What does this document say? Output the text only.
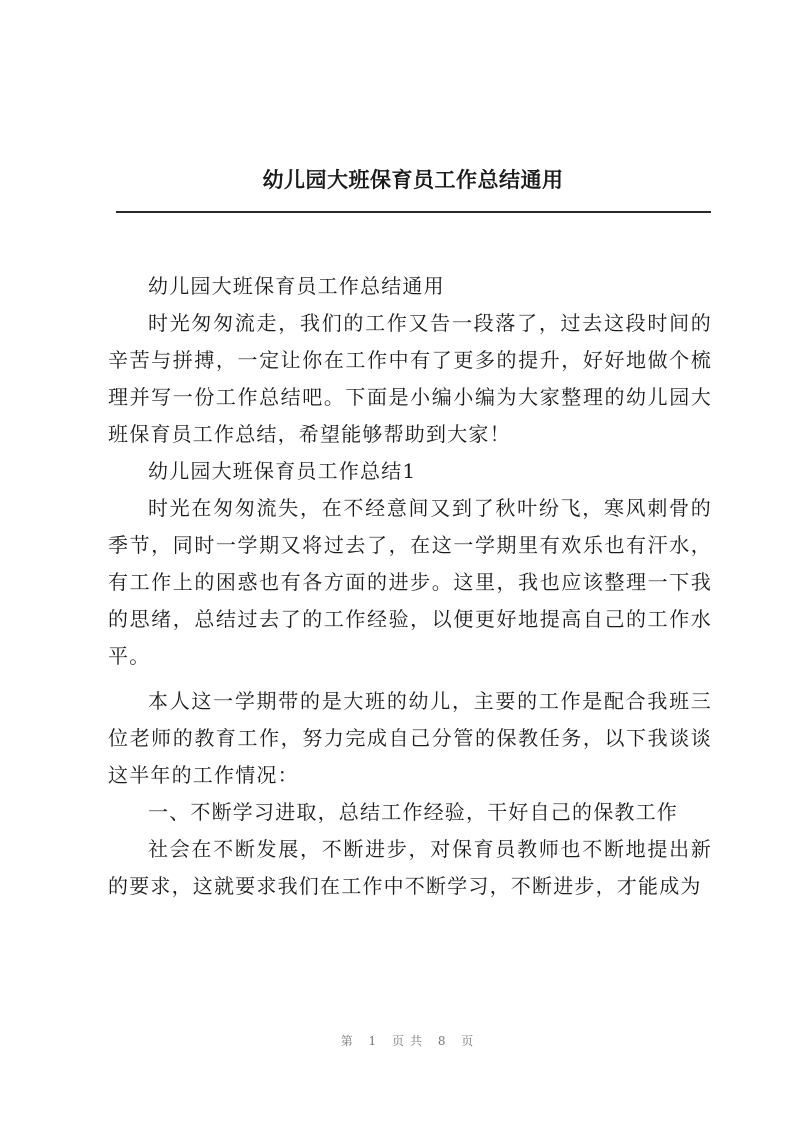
幼儿园大班保育员工作总结通用

幼儿园大班保育员工作总结通用

时光匆匆流走，我们的工作又告一段落了，过去这段时间的辛苦与拼搏，一定让你在工作中有了更多的提升，好好地做个梳理并写一份工作总结吧。下面是小编小编为大家整理的幼儿园大班保育员工作总结，希望能够帮助到大家！

幼儿园大班保育员工作总结1

时光在匆匆流失，在不经意间又到了秋叶纷飞，寒风刺骨的季节，同时一学期又将过去了，在这一学期里有欢乐也有汗水，有工作上的困惑也有各方面的进步。这里，我也应该整理一下我的思绪，总结过去了的工作经验，以便更好地提高自己的工作水平。

本人这一学期带的是大班的幼儿，主要的工作是配合我班三位老师的教育工作，努力完成自己分管的保教任务，以下我谈谈这半年的工作情况：

一、不断学习进取，总结工作经验，干好自己的保教工作

社会在不断发展，不断进步，对保育员教师也不断地提出新的要求，这就要求我们在工作中不断学习，不断进步，才能成为

第 1 页共 8 页
